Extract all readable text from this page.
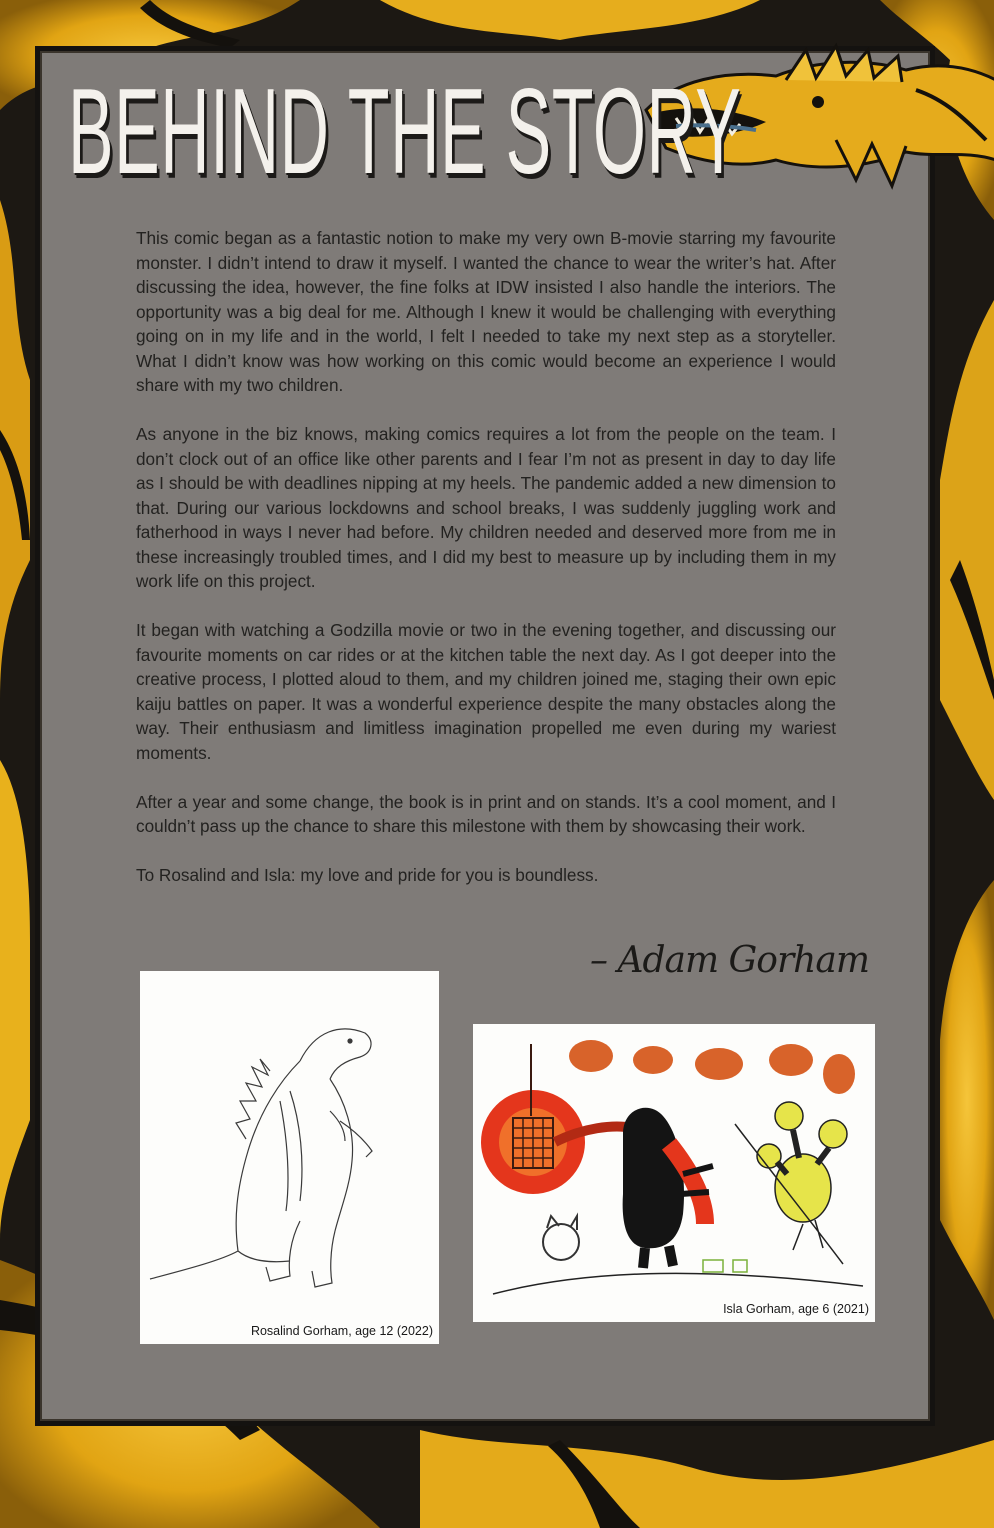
BEHIND THE STORY

This comic began as a fantastic notion to make my very own B-movie starring my favourite monster. I didn’t intend to draw it myself. I wanted the chance to wear the writer’s hat. After discussing the idea, however, the fine folks at IDW insisted I also handle the interiors. The opportunity was a big deal for me. Although I knew it would be challenging with everything going on in my life and in the world, I felt I needed to take my next step as a storyteller. What I didn’t know was how working on this comic would become an experience I would share with my two children.

As anyone in the biz knows, making comics requires a lot from the people on the team. I don’t clock out of an office like other parents and I fear I’m not as present in day to day life as I should be with deadlines nipping at my heels. The pandemic added a new dimension to that. During our various lockdowns and school breaks, I was suddenly juggling work and fatherhood in ways I never had before. My children needed and deserved more from me in these increasingly troubled times, and I did my best to measure up by including them in my work life on this project.

It began with watching a Godzilla movie or two in the evening together, and discussing our favourite moments on car rides or at the kitchen table the next day. As I got deeper into the creative process, I plotted aloud to them, and my children joined me, staging their own epic kaiju battles on paper. It was a wonderful experience despite the many obstacles along the way. Their enthusiasm and limitless imagination propelled me even during my wariest moments.

After a year and some change, the book is in print and on stands. It’s a cool moment, and I couldn’t pass up the chance to share this milestone with them by showcasing their work.

To Rosalind and Isla: my love and pride for you is boundless.

– Adam Gorham
Rosalind Gorham, age 12 (2022)
Isla Gorham, age 6 (2021)
